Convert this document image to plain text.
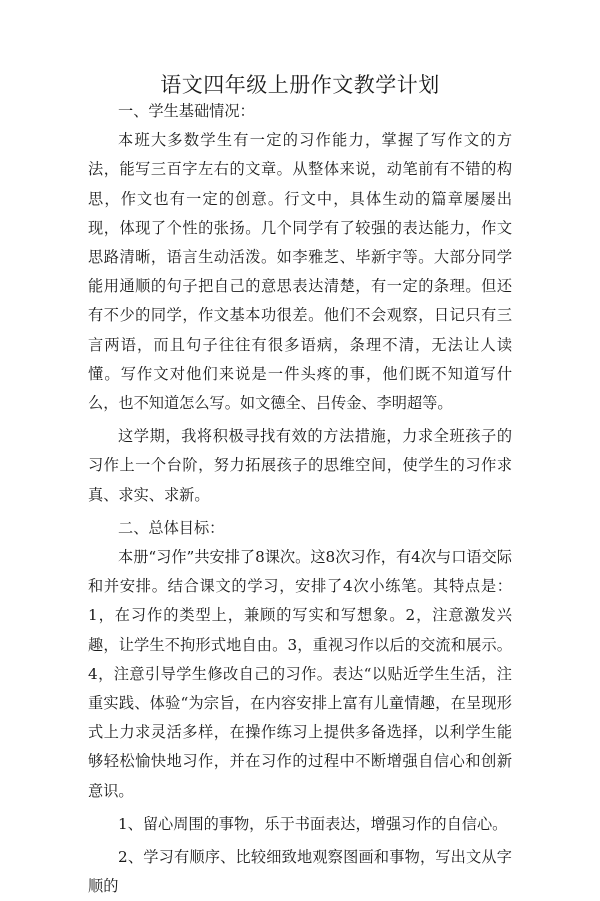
语文四年级上册作文教学计划

一、学生基础情况：

本班大多数学生有一定的习作能力，掌握了写作文的方法，能写三百字左右的文章。从整体来说，动笔前有不错的构思，作文也有一定的创意。行文中，具体生动的篇章屡屡出现，体现了个性的张扬。几个同学有了较强的表达能力，作文思路清晰，语言生动活泼。如李雅芝、毕新宇等。大部分同学能用通顺的句子把自己的意思表达清楚，有一定的条理。但还有不少的同学，作文基本功很差。他们不会观察，日记只有三言两语，而且句子往往有很多语病，条理不清，无法让人读懂。写作文对他们来说是一件头疼的事，他们既不知道写什么，也不知道怎么写。如文德全、吕传金、李明超等。

这学期，我将积极寻找有效的方法措施，力求全班孩子的习作上一个台阶，努力拓展孩子的思维空间，使学生的习作求真、求实、求新。

二、总体目标：

本册“习作”共安排了8课次。这8次习作，有4次与口语交际和并安排。结合课文的学习，安排了4次小练笔。其特点是：1，在习作的类型上，兼顾的写实和写想象。2，注意激发兴趣，让学生不拘形式地自由。3，重视习作以后的交流和展示。4，注意引导学生修改自己的习作。表达“以贴近学生生活，注重实践、体验“为宗旨，在内容安排上富有儿童情趣，在呈现形式上力求灵活多样，在操作练习上提供多备选择，以利学生能够轻松愉快地习作，并在习作的过程中不断增强自信心和创新意识。

1、留心周围的事物，乐于书面表达，增强习作的自信心。

2、学习有顺序、比较细致地观察图画和事物，写出文从字顺的
